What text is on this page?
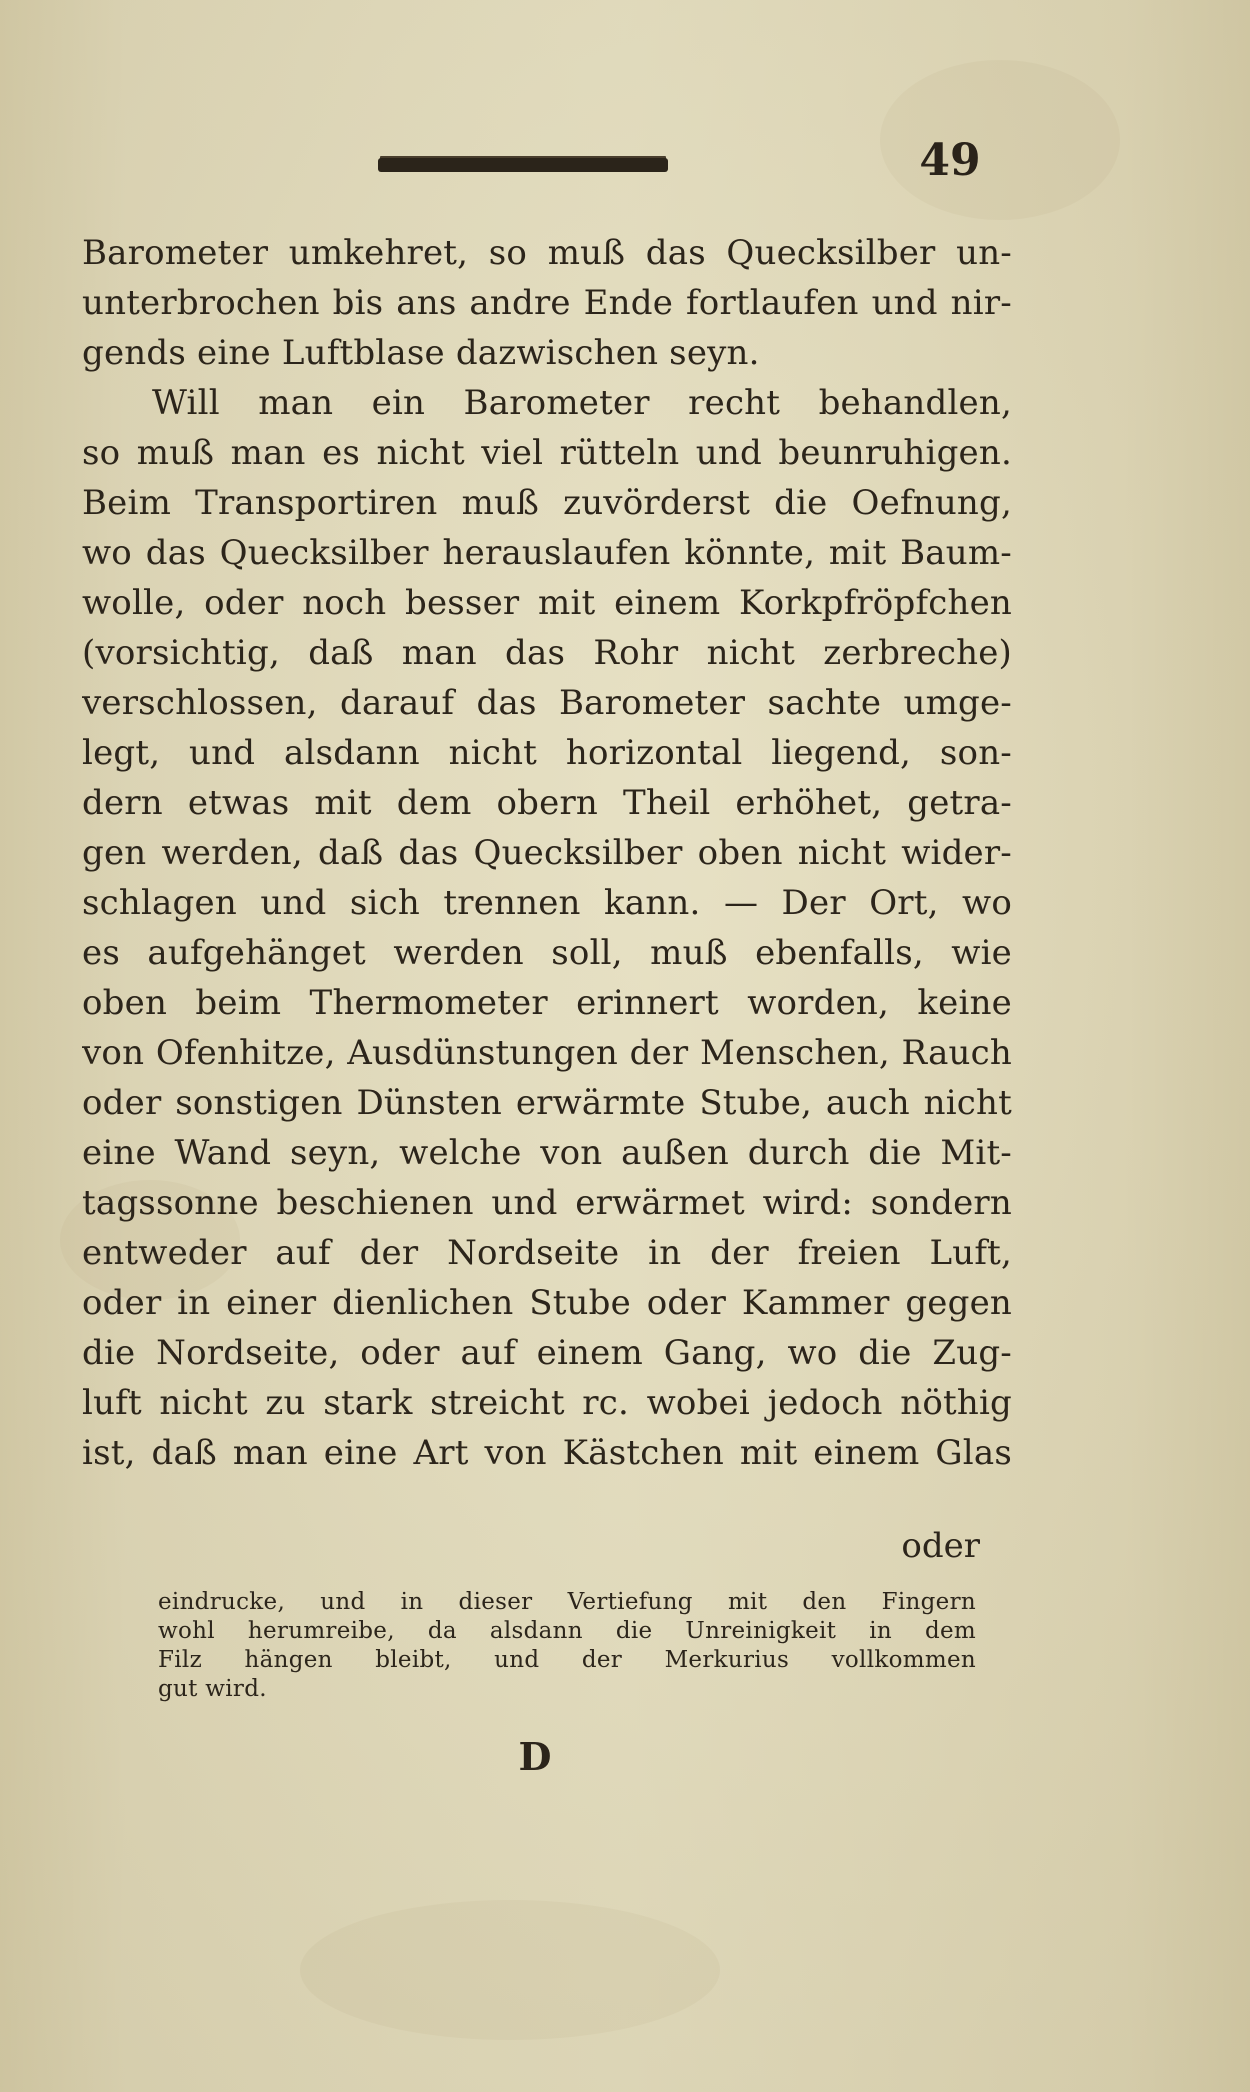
49
Barometer umkehret, so muß das Quecksilber un-
unterbrochen bis ans andre Ende fortlaufen und nir-
gends eine Luftblase dazwischen seyn.
Will man ein Barometer recht behandlen,
so muß man es nicht viel rütteln und beunruhigen.
Beim Transportiren muß zuvörderst die Oefnung,
wo das Quecksilber herauslaufen könnte, mit Baum-
wolle, oder noch besser mit einem Korkpfröpfchen
(vorsichtig, daß man das Rohr nicht zerbreche)
verschlossen, darauf das Barometer sachte umge-
legt, und alsdann nicht horizontal liegend, son-
dern etwas mit dem obern Theil erhöhet, getra-
gen werden, daß das Quecksilber oben nicht wider-
schlagen und sich trennen kann. — Der Ort, wo
es aufgehänget werden soll, muß ebenfalls, wie
oben beim Thermometer erinnert worden, keine
von Ofenhitze, Ausdünstungen der Menschen, Rauch
oder sonstigen Dünsten erwärmte Stube, auch nicht
eine Wand seyn, welche von außen durch die Mit-
tagssonne beschienen und erwärmet wird: sondern
entweder auf der Nordseite in der freien Luft,
oder in einer dienlichen Stube oder Kammer gegen
die Nordseite, oder auf einem Gang, wo die Zug-
luft nicht zu stark streicht rc. wobei jedoch nöthig
ist, daß man eine Art von Kästchen mit einem Glas
oder
eindrucke, und in dieser Vertiefung mit den Fingern
wohl herumreibe, da alsdann die Unreinigkeit in dem
Filz hängen bleibt, und der Merkurius vollkommen
gut wird.
D
